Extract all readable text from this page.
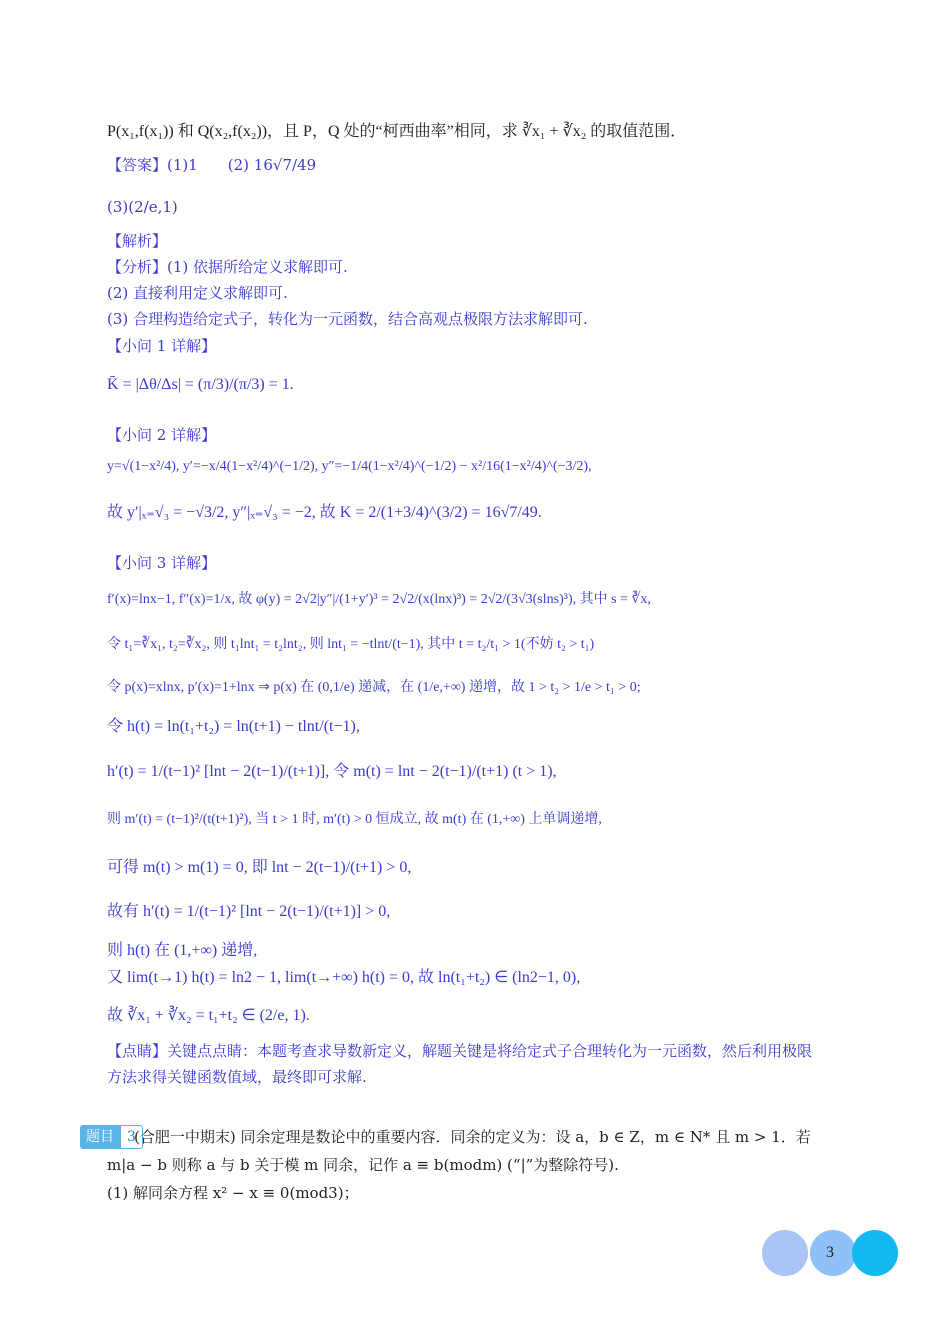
P(x₁,f(x₁)) 和 Q(x₂,f(x₂))，且 P，Q 处的“柯西曲率”相同，求 ∛x₁ + ∛x₂ 的取值范围．
【答案】(1)1　　(2) 16√7/49
(3)(2/e,1)
【解析】
【分析】(1) 依据所给定义求解即可.
(2) 直接利用定义求解即可.
(3) 合理构造给定式子，转化为一元函数，结合高观点极限方法求解即可.
【小问 1 详解】
K̄ = |Δθ/Δs| = (π/3)/(π/3) = 1.
【小问 2 详解】
y=√(1−x²/4), y′=−x/4(1−x²/4)^(−1/2), y″=−1/4(1−x²/4)^(−1/2) − x²/16(1−x²/4)^(−3/2),
故 y′|ₓ₌√₃ = −√3/2, y″|ₓ₌√₃ = −2, 故 K = 2/(1+3/4)^(3/2) = 16√7/49.
【小问 3 详解】
f′(x)=lnx−1, f″(x)=1/x, 故 φ(y) = 2√2|y″|/(1+y′)³ = 2√2/(x(lnx)³) = 2√2/(3√3(slns)³), 其中 s = ∛x,
令 t₁=∛x₁, t₂=∛x₂, 则 t₁lnt₁ = t₂lnt₂, 则 lnt₁ = −tlnt/(t−1), 其中 t = t₂/t₁ > 1(不妨 t₂ > t₁)
令 p(x)=xlnx, p′(x)=1+lnx ⇒ p(x) 在 (0,1/e) 递减，在 (1/e,+∞) 递增，故 1 > t₂ > 1/e > t₁ > 0;
令 h(t) = ln(t₁+t₂) = ln(t+1) − tlnt/(t−1),
h′(t) = 1/(t−1)² [lnt − 2(t−1)/(t+1)], 令 m(t) = lnt − 2(t−1)/(t+1) (t > 1),
则 m′(t) = (t−1)²/(t(t+1)²), 当 t > 1 时, m′(t) > 0 恒成立, 故 m(t) 在 (1,+∞) 上单调递增,
可得 m(t) > m(1) = 0, 即 lnt − 2(t−1)/(t+1) > 0,
故有 h′(t) = 1/(t−1)² [lnt − 2(t−1)/(t+1)] > 0,
则 h(t) 在 (1,+∞) 递增,
又 lim(t→1) h(t) = ln2 − 1, lim(t→+∞) h(t) = 0, 故 ln(t₁+t₂) ∈ (ln2−1, 0),
故 ∛x₁ + ∛x₂ = t₁+t₂ ∈ (2/e, 1).
【点睛】关键点点睛：本题考查求导数新定义，解题关键是将给定式子合理转化为一元函数，然后利用极限
方法求得关键函数值域，最终即可求解.
题目 3
(合肥一中期末) 同余定理是数论中的重要内容．同余的定义为：设 a，b ∈ Z，m ∈ N* 且 m > 1．若
m|a − b 则称 a 与 b 关于模 m 同余，记作 a ≡ b(modm) (“|”为整除符号).
(1) 解同余方程 x² − x ≡ 0(mod3)；
3
